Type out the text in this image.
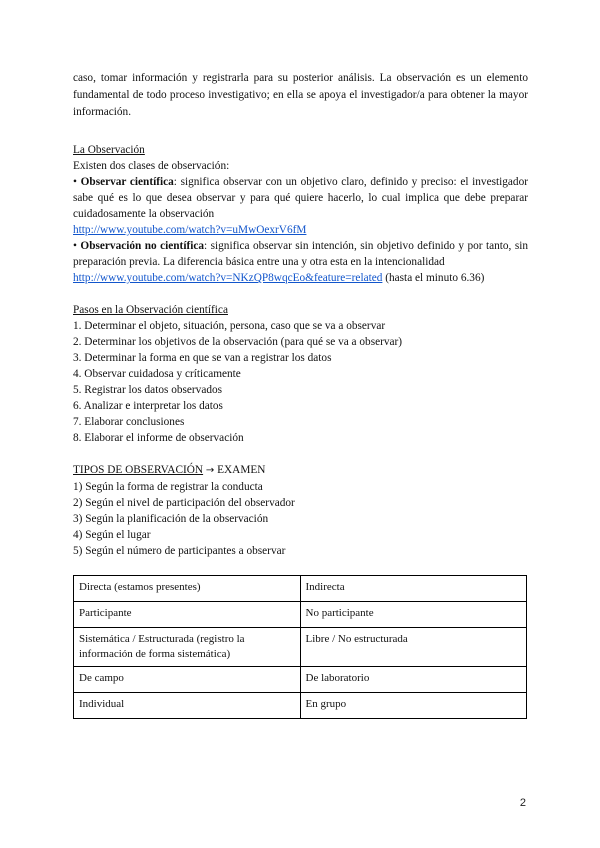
caso, tomar información y registrarla para su posterior análisis. La observación es un elemento fundamental de todo proceso investigativo; en ella se apoya el investigador/a para obtener la mayor información.
La Observación
Existen dos clases de observación:
• Observar científica: significa observar con un objetivo claro, definido y preciso: el investigador sabe qué es lo que desea observar y para qué quiere hacerlo, lo cual implica que debe preparar cuidadosamente la observación
http://www.youtube.com/watch?v=uMwOexrV6fM
• Observación no científica: significa observar sin intención, sin objetivo definido y por tanto, sin preparación previa. La diferencia básica entre una y otra esta en la intencionalidad
http://www.youtube.com/watch?v=NKzQP8wqcEo&feature=related (hasta el minuto 6.36)
Pasos en la Observación científica
1. Determinar el objeto, situación, persona, caso que se va a observar
2. Determinar los objetivos de la observación (para qué se va a observar)
3. Determinar la forma en que se van a registrar los datos
4. Observar cuidadosa y críticamente
5. Registrar los datos observados
6. Analizar e interpretar los datos
7. Elaborar conclusiones
8. Elaborar el informe de observación
TIPOS DE OBSERVACIÓN → EXAMEN
1) Según la forma de registrar la conducta
2) Según el nivel de participación del observador
3) Según la planificación de la observación
4) Según el lugar
5) Según el número de participantes a observar
Directa (estamos presentes)	Indirecta
Participante	No participante
Sistemática / Estructurada (registro la información de forma sistemática)	Libre / No estructurada
De campo	De laboratorio
Individual	En grupo
2
